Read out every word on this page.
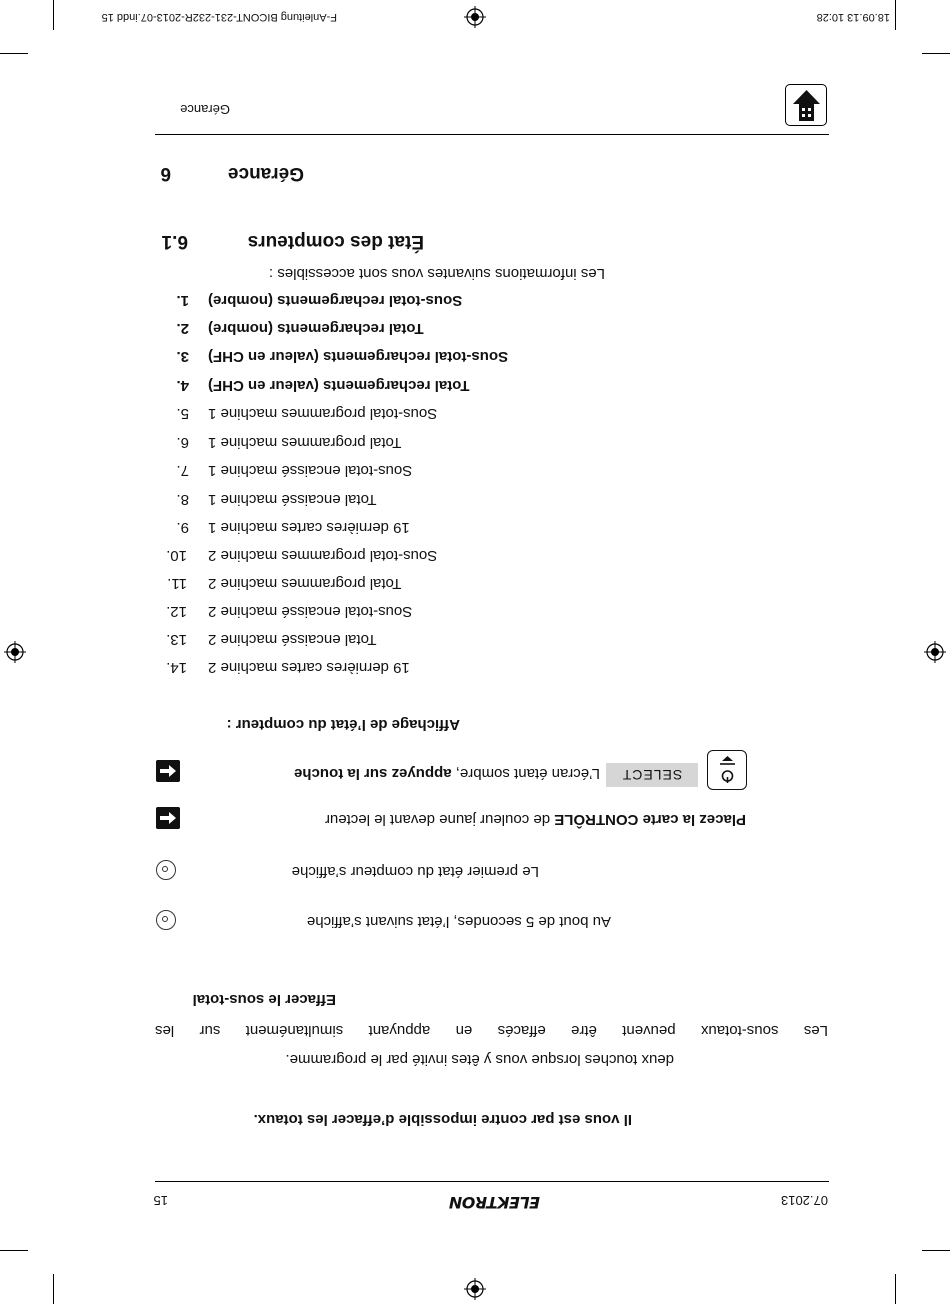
F-Anleitung BICONT-231-232R-2013-07.indd 15	18.09.13 10:28
Gérance
6	Gérance
6.1	État des compteurs
Les informations suivantes vous sont accessibles :
1. Sous-total rechargements (nombre)
2. Total rechargements (nombre)
3. Sous-total rechargements (valeur en CHF)
4. Total rechargements (valeur en CHF)
5. Sous-total programmes machine 1
6. Total programmes machine 1
7. Sous-total encaissé machine 1
8. Total encaissé machine 1
9. 19 dernières cartes machine 1
10. Sous-total programmes machine 2
11. Total programmes machine 2
12. Sous-total encaissé machine 2
13. Total encaissé machine 2
14. 19 dernières cartes machine 2
Affichage de l’état du compteur :
L’écran étant sombre, appuyez sur la touche	SELECT
Placez la carte CONTRÔLE de couleur jaune devant le lecteur
Le premier état du compteur s’affiche
Au bout de 5 secondes, l’état suivant s’affiche
Effacer le sous-total
Les sous-totaux peuvent être effacés en appuyant simultanément sur les
deux touches lorsque vous y êtes invité par le programme.
Il vous est par contre impossible d’effacer les totaux.
15	ELEKTRON	07.2013
